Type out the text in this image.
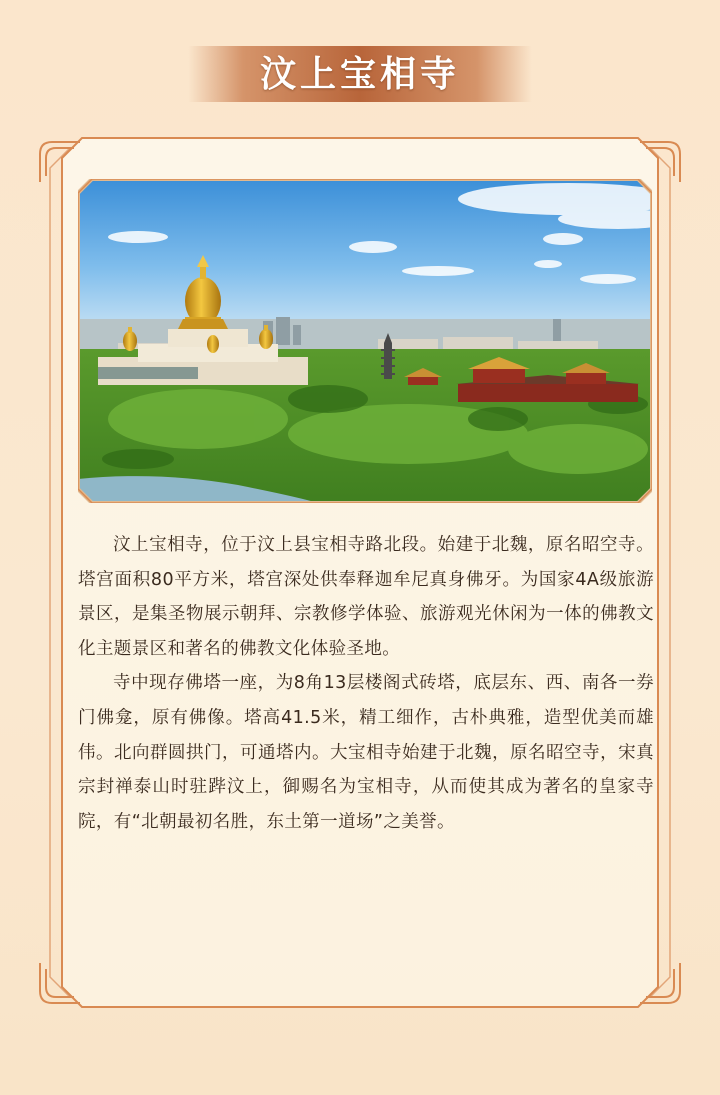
汶上宝相寺

汶上宝相寺，位于汶上县宝相寺路北段。始建于北魏，原名昭空寺。塔宫面积80平方米，塔宫深处供奉释迦牟尼真身佛牙。为国家4A级旅游景区，是集圣物展示朝拜、宗教修学体验、旅游观光休闲为一体的佛教文化主题景区和著名的佛教文化体验圣地。

寺中现存佛塔一座，为8角13层楼阁式砖塔，底层东、西、南各一券门佛龛，原有佛像。塔高41.5米，精工细作，古朴典雅，造型优美而雄伟。北向群圆拱门，可通塔内。大宝相寺始建于北魏，原名昭空寺，宋真宗封禅泰山时驻跸汶上，御赐名为宝相寺，从而使其成为著名的皇家寺院，有“北朝最初名胜，东土第一道场”之美誉。
